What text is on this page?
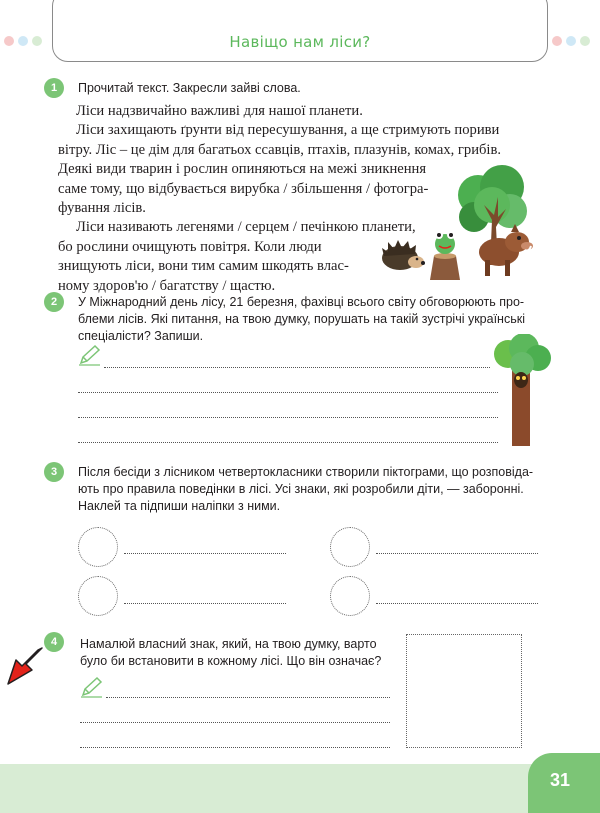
Навіщо нам ліси?
1	Прочитай текст. Закресли зайві слова.

Ліси надзвичайно важливі для нашої планети.

Ліси захищають ґрунти від пересушування, а ще стримують пориви

вітру. Ліс – це дім для багатьох ссавців, птахів, плазунів, комах, грибів.

Деякі види тварин і рослин опиняються на межі зникнення

саме тому, що відбувається вирубка / збільшення / фотогра-

фування лісів.

Ліси називають легенями / серцем / печінкою планети,

бо рослини очищують повітря. Коли люди

знищують ліси, вони тим самим шкодять влас-

ному здоров'ю / багатству / щастю.

2	У Міжнародний день лісу, 21 березня, фахівці всього світу обговорюють про-
блеми лісів. Які питання, на твою думку, порушать на такій зустрічі українські
спеціалісти? Запиши.
3	Після бесіди з лісником четвертокласники створили піктограми, що розповіда-
ють про правила поведінки в лісі. Усі знаки, які розробили діти, — заборонні.
Наклей та підпиши наліпки з ними.
4	Намалюй власний знак, який, на твою думку, варто
було би встановити в кожному лісі. Що він означає?
31
